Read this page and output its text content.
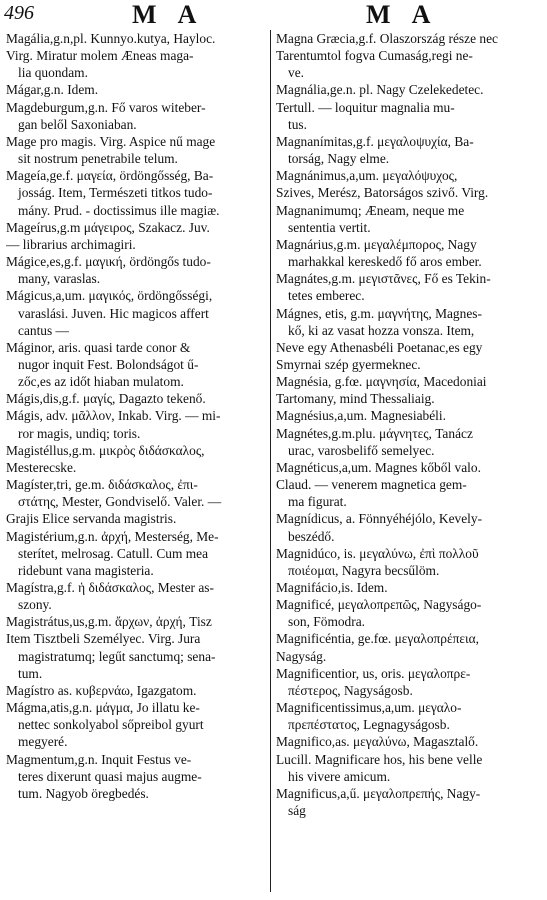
496	M A	M A
Magália,g.n,pl. Kunnyo.kutya, Hayloc.
Virg. Miratur molem Æneas maga-
lia quondam.
Mágar,g.n. Idem.
Magdeburgum,g.n. Fő varos witeber-
gan belől Saxoniaban.
Mage pro magis. Virg. Aspice nű mage
sit nostrum penetrabile telum.
Mageía,ge.f. μαγεία, ördöngősség, Ba-
josság. Item, Természeti titkos tudo-
mány. Prud. - doctissimus ille magiæ.
Mageírus,g.m μάγειρος, Szakacz. Juv.
— librarius archimagiri.
Mágice,es,g.f. μαγική, ördöngős tudo-
many, varaslas.
Mágicus,a,um. μαγικός, ördöngősségi,
varaslási. Juven. Hic magicos affert
cantus —
Máginor, aris. quasi tarde conor &
nugor inquit Fest. Bolondságot ű-
zőc,es az időt hiaban mulatom.
Mágis,dis,g.f. μαγίς, Dagazto tekenő.
Mágis, adv. μᾶλλον, Inkab. Virg. — mi-
ror magis, undiq; toris.
Magistéllus,g.m. μικρὸς διδάσκαλος,
Mesterecske.
Magíster,tri, ge.m. διδάσκαλος, ἐπι-
στάτης, Mester, Gondviselő. Valer. —
Grajis Elice servanda magistris.
Magistérium,g.n. ἀρχή, Mesterség, Me-
sterítet, melrosag. Catull. Cum mea
ridebunt vana magisteria.
Magístra,g.f. ἡ διδάσκαλος, Mester as-
szony.
Magistrátus,us,g.m. ἄρχων, ἀρχή, Tisz
Item Tisztbeli Személyec. Virg. Jura
magistratumq; legűt sanctumq; sena-
tum.
Magístro as. κυβερνάω, Igazgatom.
Mágma,atis,g.n. μάγμα, Jo illatu ke-
nettec sonkolyabol sőpreibol gyurt
megyeré.
Magmentum,g.n. Inquit Festus ve-
teres dixerunt quasi majus augme-
tum. Nagyob öregbedés.
Magna Græcia,g.f. Olaszország része nec
Tarentumtol fogva Cumaság,regi ne-
ve.
Magnália,ge.n. pl. Nagy Czelekedetec.
Tertull. — loquitur magnalia mu-
tus.
Magnanímitas,g.f. μεγαλοψυχία, Ba-
torság, Nagy elme.
Magnánimus,a,um. μεγαλόψυχος,
Szives, Merész, Batorságos szivő. Virg.
Magnanimumq; Æneam, neque me
sententia vertit.
Magnárius,g.m. μεγαλέμπορος, Nagy
marhakkal kereskedő fő aros ember.
Magnátes,g.m. μεγιστᾶνες, Fő es Tekin-
tetes emberec.
Mágnes, etis, g.m. μαγνήτης, Magnes-
kő, ki az vasat hozza vonsza. Item,
Neve egy Athenasbéli Poetanac,es egy
Smyrnai szép gyermeknec.
Magnésia, g.fœ. μαγνησία, Macedoniai
Tartomany, mind Thessaliaig.
Magnésius,a,um. Magnesiabéli.
Magnétes,g.m.plu. μάγνητες, Tanácz
urac, varosbelifő semelyec.
Magnéticus,a,um. Magnes kőből valo.
Claud. — venerem magnetica gem-
ma figurat.
Magnídicus, a. Fönnyéhéjólo, Kevely-
beszédő.
Magnidúco, is. μεγαλύνω, ἐπὶ πολλοῦ
ποιέομαι, Nagyra becsűlöm.
Magnifácio,is. Idem.
Magnificé, μεγαλοπρεπῶς, Nagyságo-
son, Fömodra.
Magnificéntia, ge.fœ. μεγαλοπρέπεια,
Nagyság.
Magnificentior, us, oris. μεγαλοπρε-
πέστερος, Nagyságosb.
Magnificentissimus,a,um. μεγαλο-
πρεπέστατος, Legnagyságosb.
Magnifico,as. μεγαλύνω, Magasztalő.
Lucill. Magnificare hos, his bene velle
his vivere amicum.
Magnificus,a,ű. μεγαλοπρεπής, Nagy-
ság
